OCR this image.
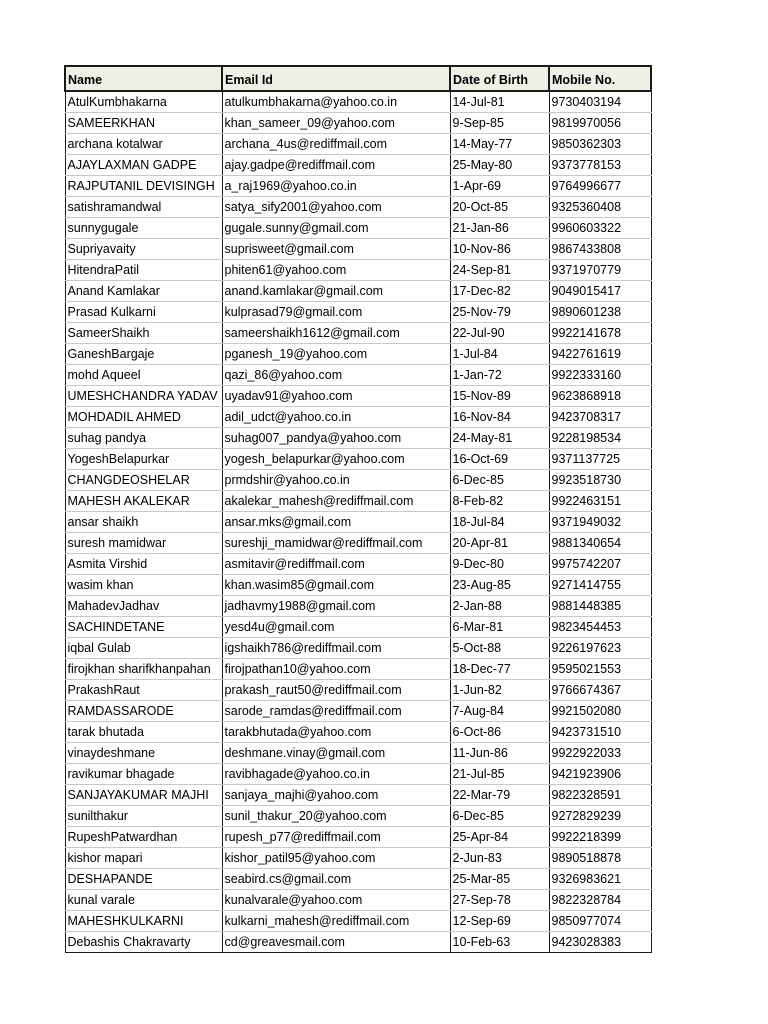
Name	Email Id	Date of Birth	Mobile No.
AtulKumbhakarna	atulkumbhakarna@yahoo.co.in	14-Jul-81	9730403194
SAMEERKHAN	khan_sameer_09@yahoo.com	9-Sep-85	9819970056
archana kotalwar	archana_4us@rediffmail.com	14-May-77	9850362303
AJAYLAXMAN GADPE	ajay.gadpe@rediffmail.com	25-May-80	9373778153
RAJPUTANIL DEVISINGH	a_raj1969@yahoo.co.in	1-Apr-69	9764996677
satishramandwal	satya_sify2001@yahoo.com	20-Oct-85	9325360408
sunnygugale	gugale.sunny@gmail.com	21-Jan-86	9960603322
Supriyavaity	suprisweet@gmail.com	10-Nov-86	9867433808
HitendraPatil	phiten61@yahoo.com	24-Sep-81	9371970779
Anand Kamlakar	anand.kamlakar@gmail.com	17-Dec-82	9049015417
Prasad Kulkarni	kulprasad79@gmail.com	25-Nov-79	9890601238
SameerShaikh	sameershaikh1612@gmail.com	22-Jul-90	9922141678
GaneshBargaje	pganesh_19@yahoo.com	1-Jul-84	9422761619
mohd Aqueel	qazi_86@yahoo.com	1-Jan-72	9922333160
UMESHCHANDRA YADAV	uyadav91@yahoo.com	15-Nov-89	9623868918
MOHDADIL AHMED	adil_udct@yahoo.co.in	16-Nov-84	9423708317
suhag pandya	suhag007_pandya@yahoo.com	24-May-81	9228198534
YogeshBelapurkar	yogesh_belapurkar@yahoo.com	16-Oct-69	9371137725
CHANGDEOSHELAR	prmdshir@yahoo.co.in	6-Dec-85	9923518730
MAHESH AKALEKAR	akalekar_mahesh@rediffmail.com	8-Feb-82	9922463151
ansar shaikh	ansar.mks@gmail.com	18-Jul-84	9371949032
suresh mamidwar	sureshji_mamidwar@rediffmail.com	20-Apr-81	9881340654
Asmita Virshid	asmitavir@rediffmail.com	9-Dec-80	9975742207
wasim khan	khan.wasim85@gmail.com	23-Aug-85	9271414755
MahadevJadhav	jadhavmy1988@gmail.com	2-Jan-88	9881448385
SACHINDETANE	yesd4u@gmail.com	6-Mar-81	9823454453
iqbal Gulab	igshaikh786@rediffmail.com	5-Oct-88	9226197623
firojkhan sharifkhanpahan	firojpathan10@yahoo.com	18-Dec-77	9595021553
PrakashRaut	prakash_raut50@rediffmail.com	1-Jun-82	9766674367
RAMDASSARODE	sarode_ramdas@rediffmail.com	7-Aug-84	9921502080
tarak bhutada	tarakbhutada@yahoo.com	6-Oct-86	9423731510
vinaydeshmane	deshmane.vinay@gmail.com	11-Jun-86	9922922033
ravikumar bhagade	ravibhagade@yahoo.co.in	21-Jul-85	9421923906
SANJAYAKUMAR MAJHI	sanjaya_majhi@yahoo.com	22-Mar-79	9822328591
sunilthakur	sunil_thakur_20@yahoo.com	6-Dec-85	9272829239
RupeshPatwardhan	rupesh_p77@rediffmail.com	25-Apr-84	9922218399
kishor mapari	kishor_patil95@yahoo.com	2-Jun-83	9890518878
DESHAPANDE	seabird.cs@gmail.com	25-Mar-85	9326983621
kunal varale	kunalvarale@yahoo.com	27-Sep-78	9822328784
MAHESHKULKARNI	kulkarni_mahesh@rediffmail.com	12-Sep-69	9850977074
Debashis Chakravarty	cd@greavesmail.com	10-Feb-63	9423028383
